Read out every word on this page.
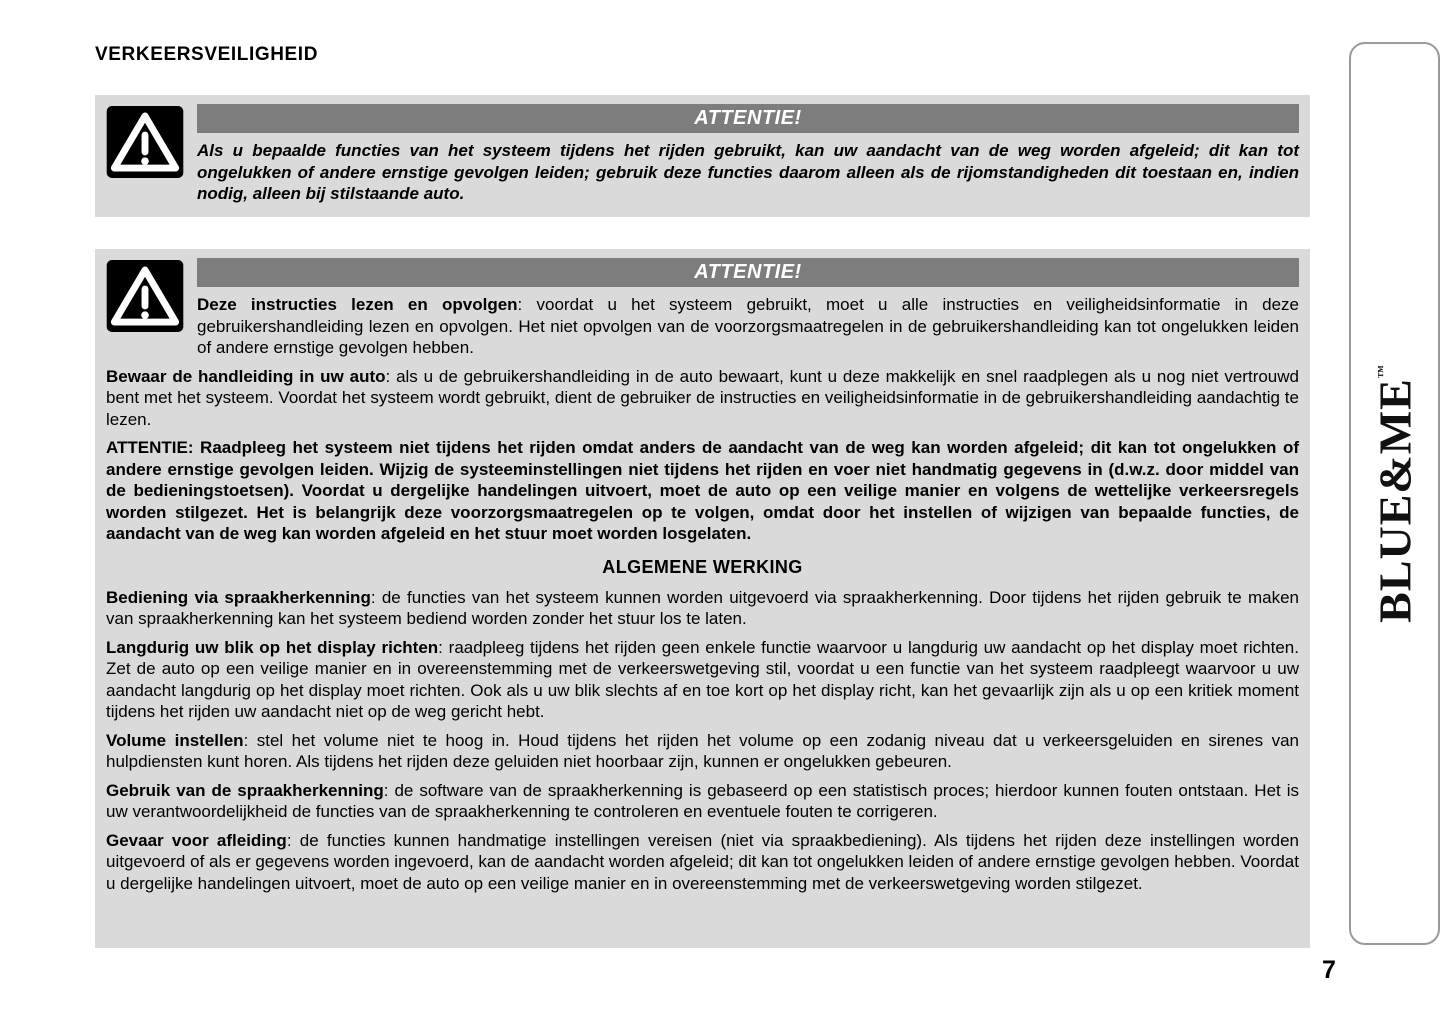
VERKEERSVEILIGHEID
ATTENTIE!

Als u bepaalde functies van het systeem tijdens het rijden gebruikt, kan uw aandacht van de weg worden afgeleid; dit kan tot ongelukken of andere ernstige gevolgen leiden; gebruik deze functies daarom alleen als de rijomstandigheden dit toestaan en, indien nodig, alleen bij stilstaande auto.

ATTENTIE!

Deze instructies lezen en opvolgen: voordat u het systeem gebruikt, moet u alle instructies en veiligheidsinformatie in deze gebruikershandleiding lezen en opvolgen. Het niet opvolgen van de voorzorgsmaatregelen in de gebruikershandleiding kan tot ongelukken leiden of andere ernstige gevolgen hebben.

Bewaar de handleiding in uw auto: als u de gebruikershandleiding in de auto bewaart, kunt u deze makkelijk en snel raadplegen als u nog niet vertrouwd bent met het systeem. Voordat het systeem wordt gebruikt, dient de gebruiker de instructies en veiligheidsinformatie in de gebruikershandleiding aandachtig te lezen.

ATTENTIE: Raadpleeg het systeem niet tijdens het rijden omdat anders de aandacht van de weg kan worden afgeleid; dit kan tot ongelukken of andere ernstige gevolgen leiden. Wijzig de systeeminstellingen niet tijdens het rijden en voer niet handmatig gegevens in (d.w.z. door middel van de bedieningstoetsen). Voordat u dergelijke handelingen uitvoert, moet de auto op een veilige manier en volgens de wettelijke verkeersregels worden stilgezet. Het is belangrijk deze voorzorgsmaatregelen op te volgen, omdat door het instellen of wijzigen van bepaalde functies, de aandacht van de weg kan worden afgeleid en het stuur moet worden losgelaten.

ALGEMENE WERKING

Bediening via spraakherkenning: de functies van het systeem kunnen worden uitgevoerd via spraakherkenning. Door tijdens het rijden gebruik te maken van spraakherkenning kan het systeem bediend worden zonder het stuur los te laten.

Langdurig uw blik op het display richten: raadpleeg tijdens het rijden geen enkele functie waarvoor u langdurig uw aandacht op het display moet richten. Zet de auto op een veilige manier en in overeenstemming met de verkeerswetgeving stil, voordat u een functie van het systeem raadpleegt waarvoor u uw aandacht langdurig op het display moet richten. Ook als u uw blik slechts af en toe kort op het display richt, kan het gevaarlijk zijn als u op een kritiek moment tijdens het rijden uw aandacht niet op de weg gericht hebt.

Volume instellen: stel het volume niet te hoog in. Houd tijdens het rijden het volume op een zodanig niveau dat u verkeersgeluiden en sirenes van hulpdiensten kunt horen. Als tijdens het rijden deze geluiden niet hoorbaar zijn, kunnen er ongelukken gebeuren.

Gebruik van de spraakherkenning: de software van de spraakherkenning is gebaseerd op een statistisch proces; hierdoor kunnen fouten ontstaan. Het is uw verantwoordelijkheid de functies van de spraakherkenning te controleren en eventuele fouten te corrigeren.

Gevaar voor afleiding: de functies kunnen handmatige instellingen vereisen (niet via spraakbediening). Als tijdens het rijden deze instellingen worden uitgevoerd of als er gegevens worden ingevoerd, kan de aandacht worden afgeleid; dit kan tot ongelukken leiden of andere ernstige gevolgen hebben. Voordat u dergelijke handelingen uitvoert, moet de auto op een veilige manier en in overeenstemming met de verkeerswetgeving worden stilgezet.

BLUE&ME™
7
